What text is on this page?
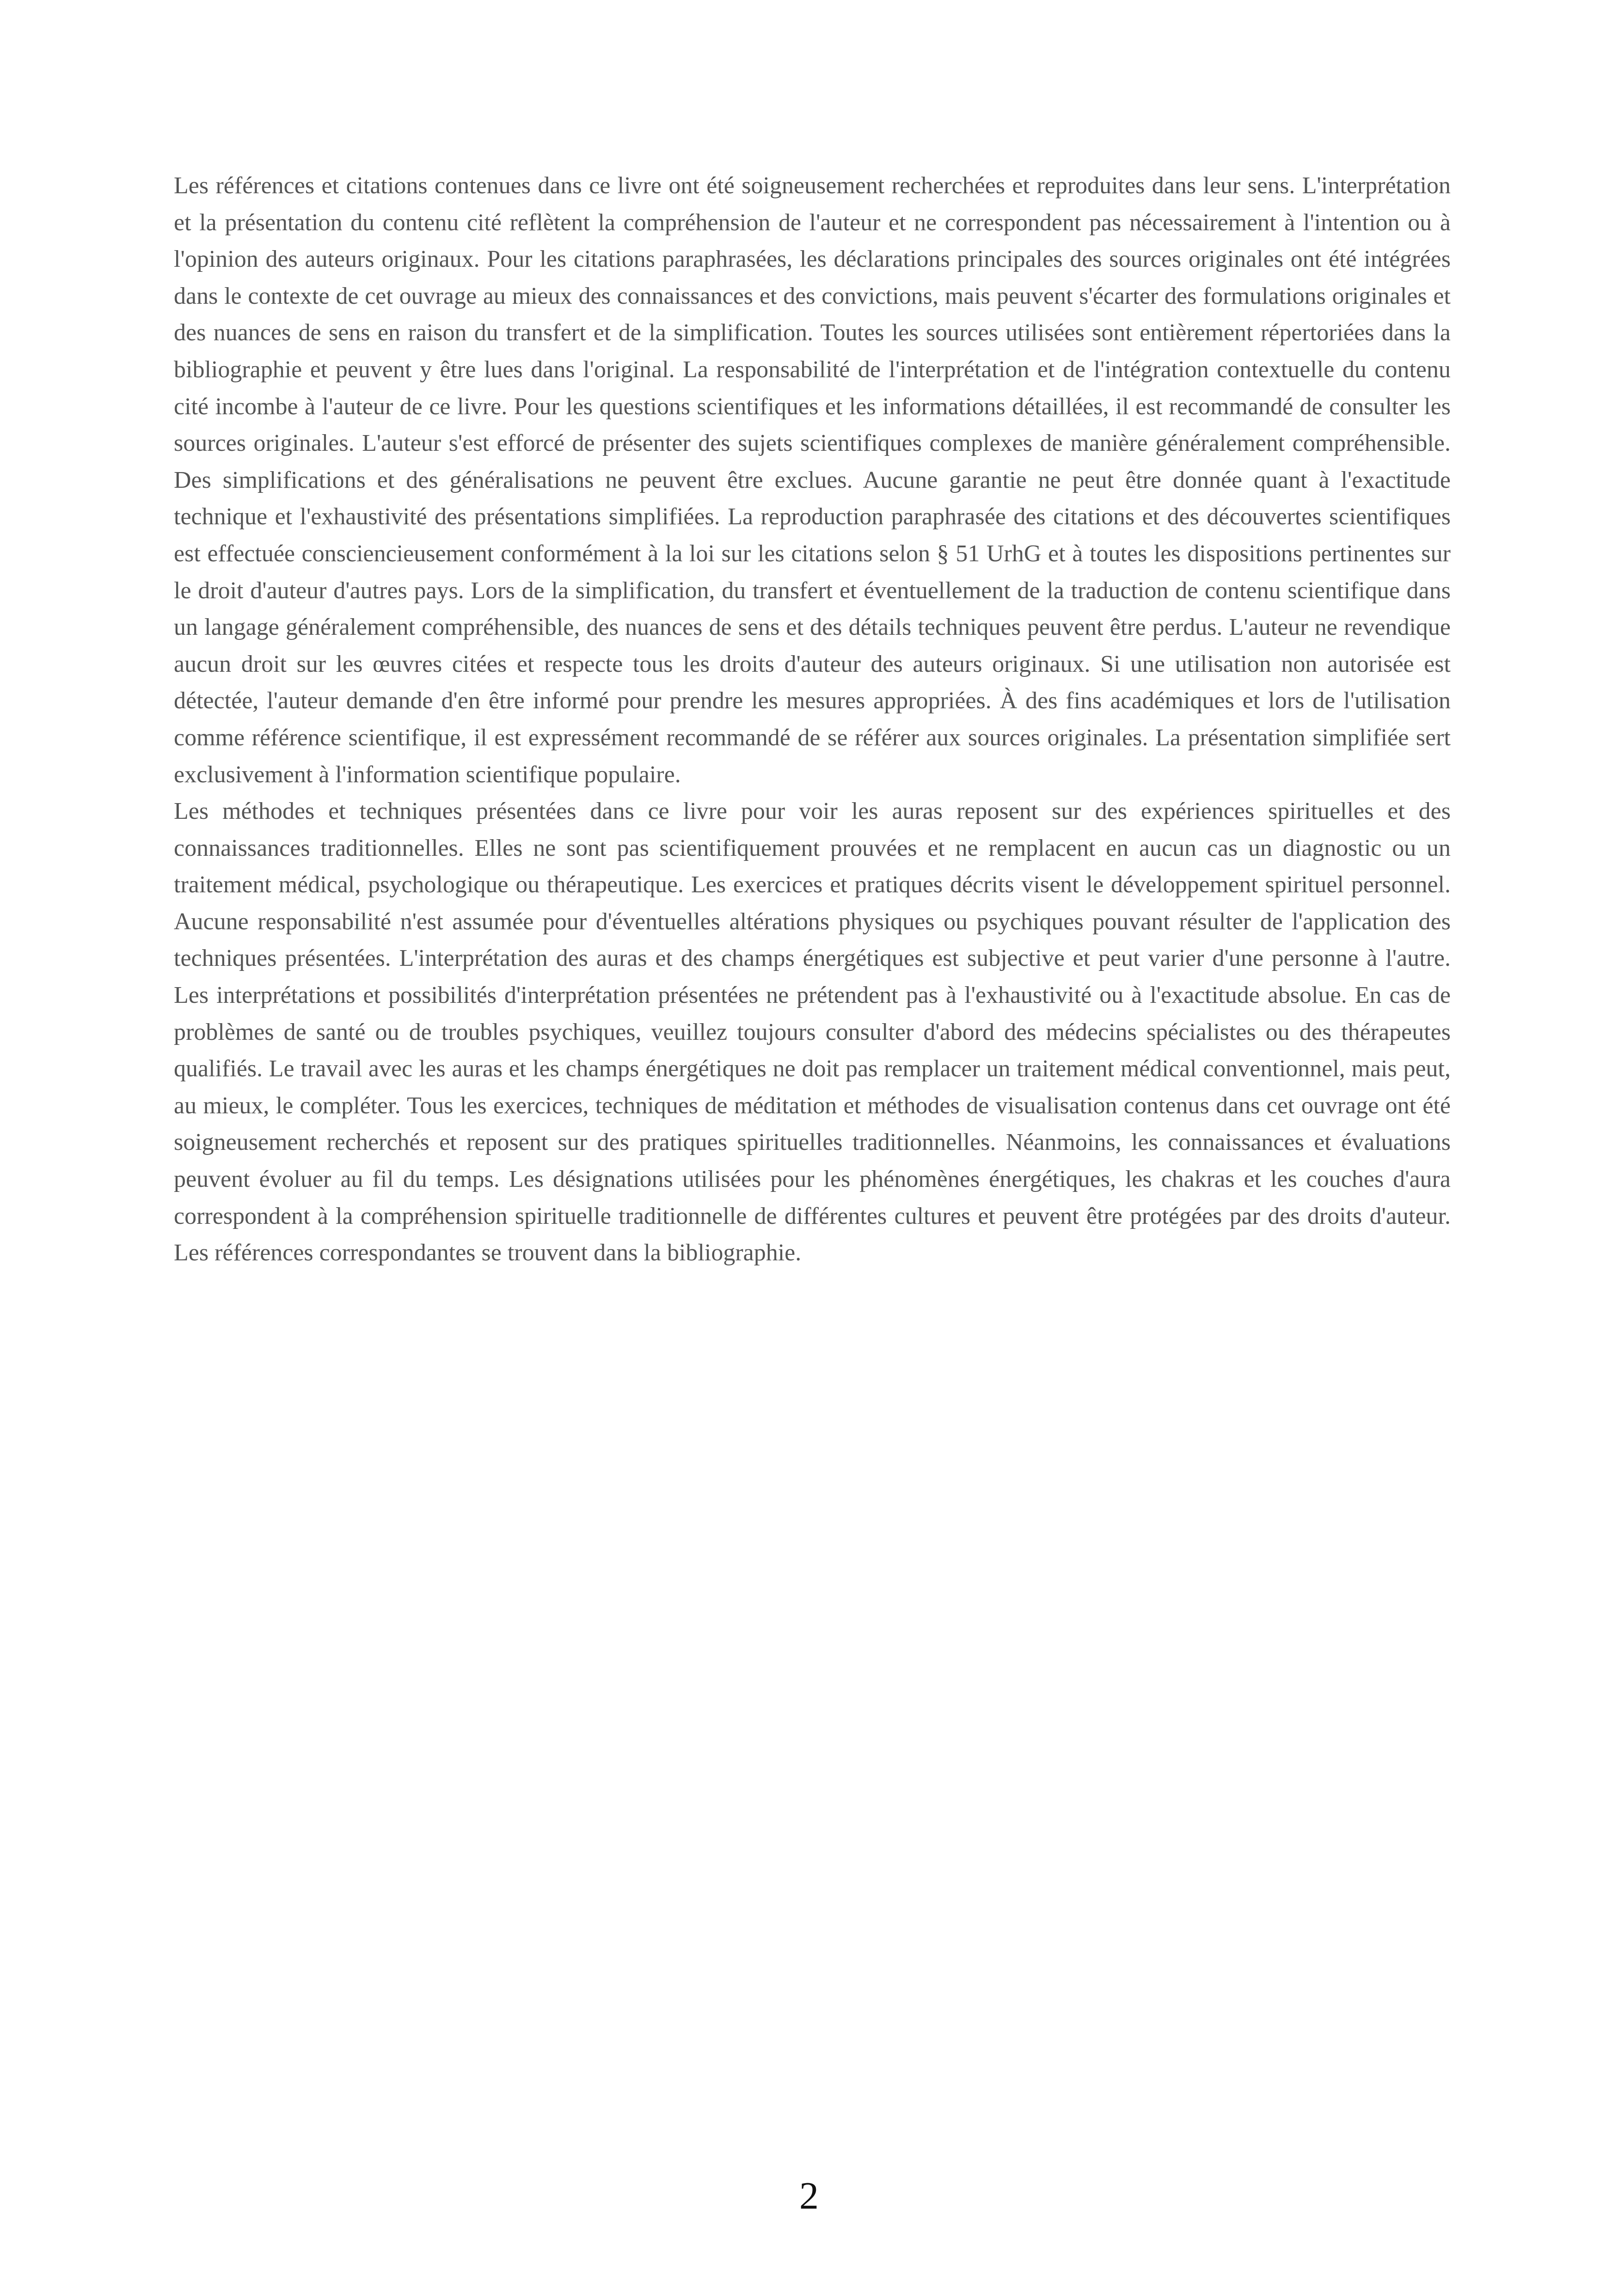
Les références et citations contenues dans ce livre ont été soigneusement recherchées et reproduites dans leur sens. L'interprétation et la présentation du contenu cité reflètent la compréhension de l'auteur et ne correspondent pas nécessairement à l'intention ou à l'opinion des auteurs originaux. Pour les citations paraphrasées, les déclarations principales des sources originales ont été intégrées dans le contexte de cet ouvrage au mieux des connaissances et des convictions, mais peuvent s'écarter des formulations originales et des nuances de sens en raison du transfert et de la simplification. Toutes les sources utilisées sont entièrement répertoriées dans la bibliographie et peuvent y être lues dans l'original. La responsabilité de l'interprétation et de l'intégration contextuelle du contenu cité incombe à l'auteur de ce livre. Pour les questions scientifiques et les informations détaillées, il est recommandé de consulter les sources originales. L'auteur s'est efforcé de présenter des sujets scientifiques complexes de manière généralement compréhensible. Des simplifications et des généralisations ne peuvent être exclues. Aucune garantie ne peut être donnée quant à l'exactitude technique et l'exhaustivité des présentations simplifiées. La reproduction paraphrasée des citations et des découvertes scientifiques est effectuée consciencieusement conformément à la loi sur les citations selon § 51 UrhG et à toutes les dispositions pertinentes sur le droit d'auteur d'autres pays. Lors de la simplification, du transfert et éventuellement de la traduction de contenu scientifique dans un langage généralement compréhensible, des nuances de sens et des détails techniques peuvent être perdus. L'auteur ne revendique aucun droit sur les œuvres citées et respecte tous les droits d'auteur des auteurs originaux. Si une utilisation non autorisée est détectée, l'auteur demande d'en être informé pour prendre les mesures appropriées. À des fins académiques et lors de l'utilisation comme référence scientifique, il est expressément recommandé de se référer aux sources originales. La présentation simplifiée sert exclusivement à l'information scientifique populaire.

Les méthodes et techniques présentées dans ce livre pour voir les auras reposent sur des expériences spirituelles et des connaissances traditionnelles. Elles ne sont pas scientifiquement prouvées et ne remplacent en aucun cas un diagnostic ou un traitement médical, psychologique ou thérapeutique. Les exercices et pratiques décrits visent le développement spirituel personnel. Aucune responsabilité n'est assumée pour d'éventuelles altérations physiques ou psychiques pouvant résulter de l'application des techniques présentées. L'interprétation des auras et des champs énergétiques est subjective et peut varier d'une personne à l'autre. Les interprétations et possibilités d'interprétation présentées ne prétendent pas à l'exhaustivité ou à l'exactitude absolue. En cas de problèmes de santé ou de troubles psychiques, veuillez toujours consulter d'abord des médecins spécialistes ou des thérapeutes qualifiés. Le travail avec les auras et les champs énergétiques ne doit pas remplacer un traitement médical conventionnel, mais peut, au mieux, le compléter. Tous les exercices, techniques de méditation et méthodes de visualisation contenus dans cet ouvrage ont été soigneusement recherchés et reposent sur des pratiques spirituelles traditionnelles. Néanmoins, les connaissances et évaluations peuvent évoluer au fil du temps. Les désignations utilisées pour les phénomènes énergétiques, les chakras et les couches d'aura correspondent à la compréhension spirituelle traditionnelle de différentes cultures et peuvent être protégées par des droits d'auteur. Les références correspondantes se trouvent dans la bibliographie.

2
